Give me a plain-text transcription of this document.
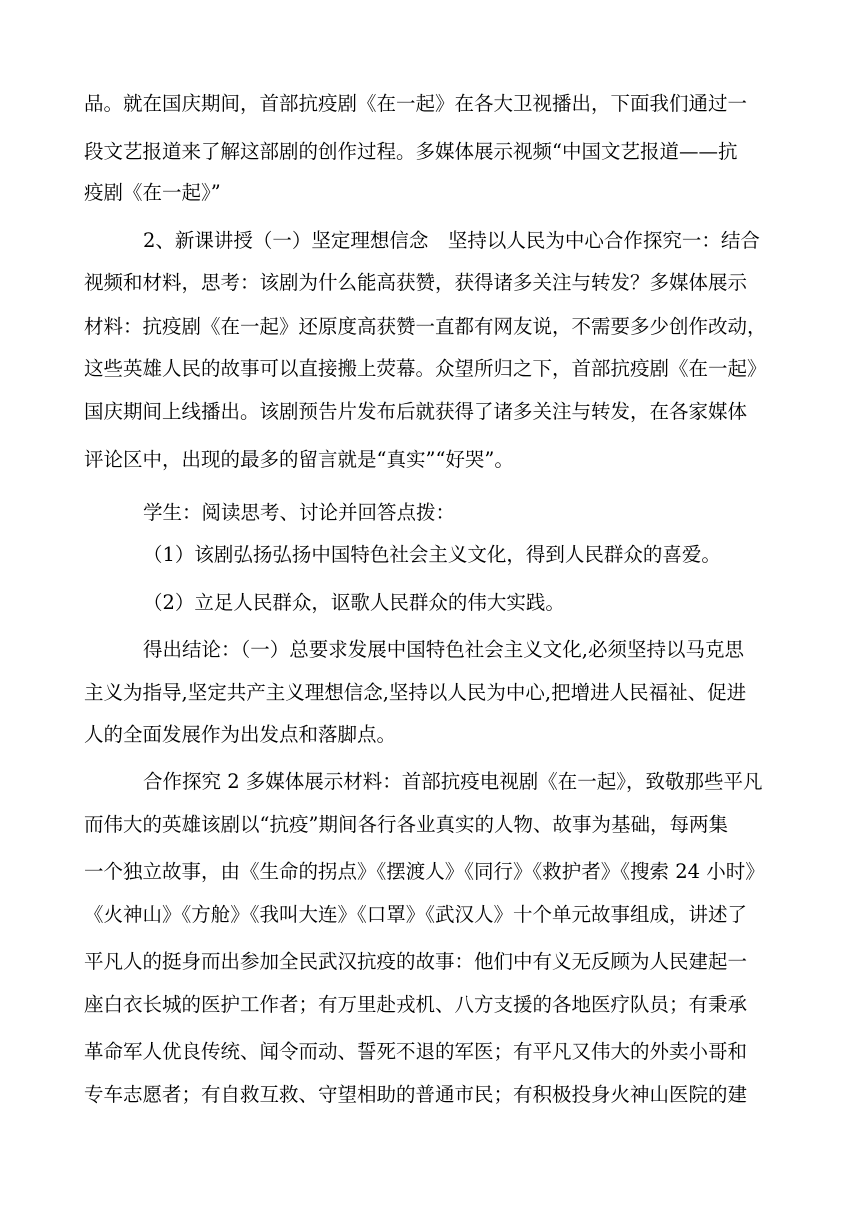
品。就在国庆期间，首部抗疫剧《在一起》在各大卫视播出，下面我们通过一

段文艺报道来了解这部剧的创作过程。多媒体展示视频“中国文艺报道——抗

疫剧《在一起》”

2、新课讲授（一）坚定理想信念　坚持以人民为中心合作探究一：结合

视频和材料，思考：该剧为什么能高获赞，获得诸多关注与转发？多媒体展示

材料：抗疫剧《在一起》还原度高获赞一直都有网友说，不需要多少创作改动，

这些英雄人民的故事可以直接搬上荧幕。众望所归之下，首部抗疫剧《在一起》

国庆期间上线播出。该剧预告片发布后就获得了诸多关注与转发，在各家媒体

评论区中，出现的最多的留言就是“真实”“好哭”。

学生：阅读思考、讨论并回答点拨：

（1）该剧弘扬弘扬中国特色社会主义文化，得到人民群众的喜爱。

（2）立足人民群众，讴歌人民群众的伟大实践。

得出结论：（一）总要求发展中国特色社会主义文化,必须坚持以马克思

主义为指导,坚定共产主义理想信念,坚持以人民为中心,把增进人民福祉、促进

人的全面发展作为出发点和落脚点。

合作探究 2 多媒体展示材料：首部抗疫电视剧《在一起》，致敬那些平凡

而伟大的英雄该剧以“抗疫”期间各行各业真实的人物、故事为基础，每两集

一个独立故事，由《生命的拐点》《摆渡人》《同行》《救护者》《搜索 24 小时》

《火神山》《方舱》《我叫大连》《口罩》《武汉人》十个单元故事组成，讲述了

平凡人的挺身而出参加全民武汉抗疫的故事：他们中有义无反顾为人民建起一

座白衣长城的医护工作者；有万里赴戎机、八方支援的各地医疗队员；有秉承

革命军人优良传统、闻令而动、誓死不退的军医；有平凡又伟大的外卖小哥和

专车志愿者；有自救互救、守望相助的普通市民；有积极投身火神山医院的建
